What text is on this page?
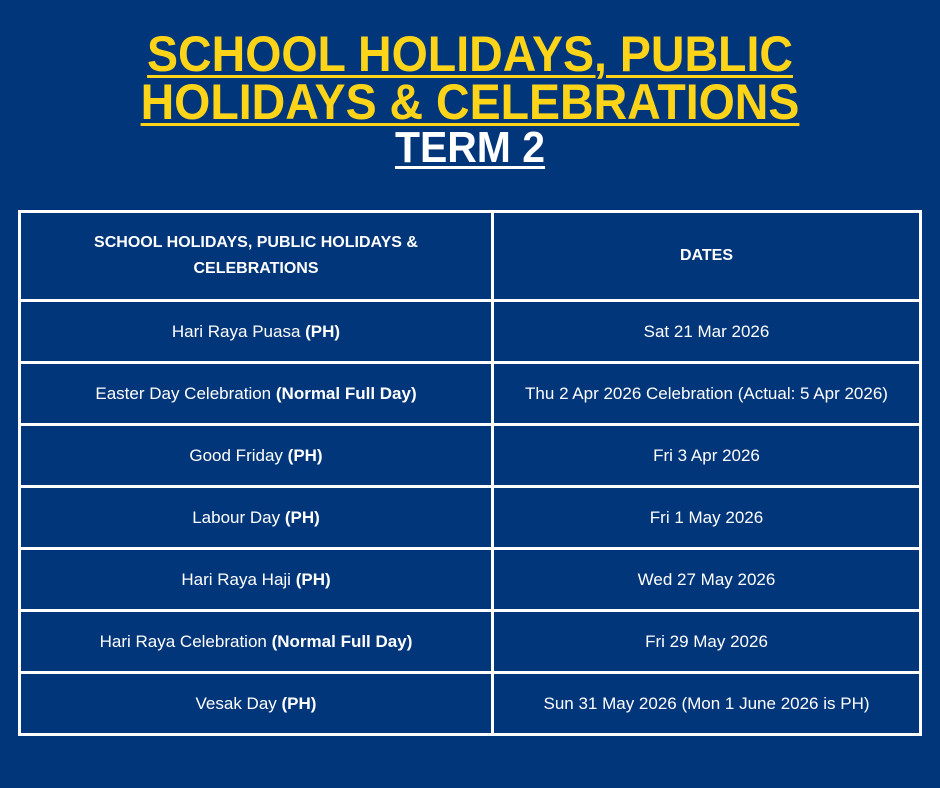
SCHOOL HOLIDAYS, PUBLIC
HOLIDAYS & CELEBRATIONS
TERM 2
SCHOOL HOLIDAYS, PUBLIC HOLIDAYS & CELEBRATIONS	DATES
Hari Raya Puasa (PH)	Sat 21 Mar 2026
Easter Day Celebration (Normal Full Day)	Thu 2 Apr 2026 Celebration (Actual: 5 Apr 2026)
Good Friday (PH)	Fri 3 Apr 2026
Labour Day (PH)	Fri 1 May 2026
Hari Raya Haji (PH)	Wed 27 May 2026
Hari Raya Celebration (Normal Full Day)	Fri 29 May 2026
Vesak Day (PH)	Sun 31 May 2026 (Mon 1 June 2026 is PH)
